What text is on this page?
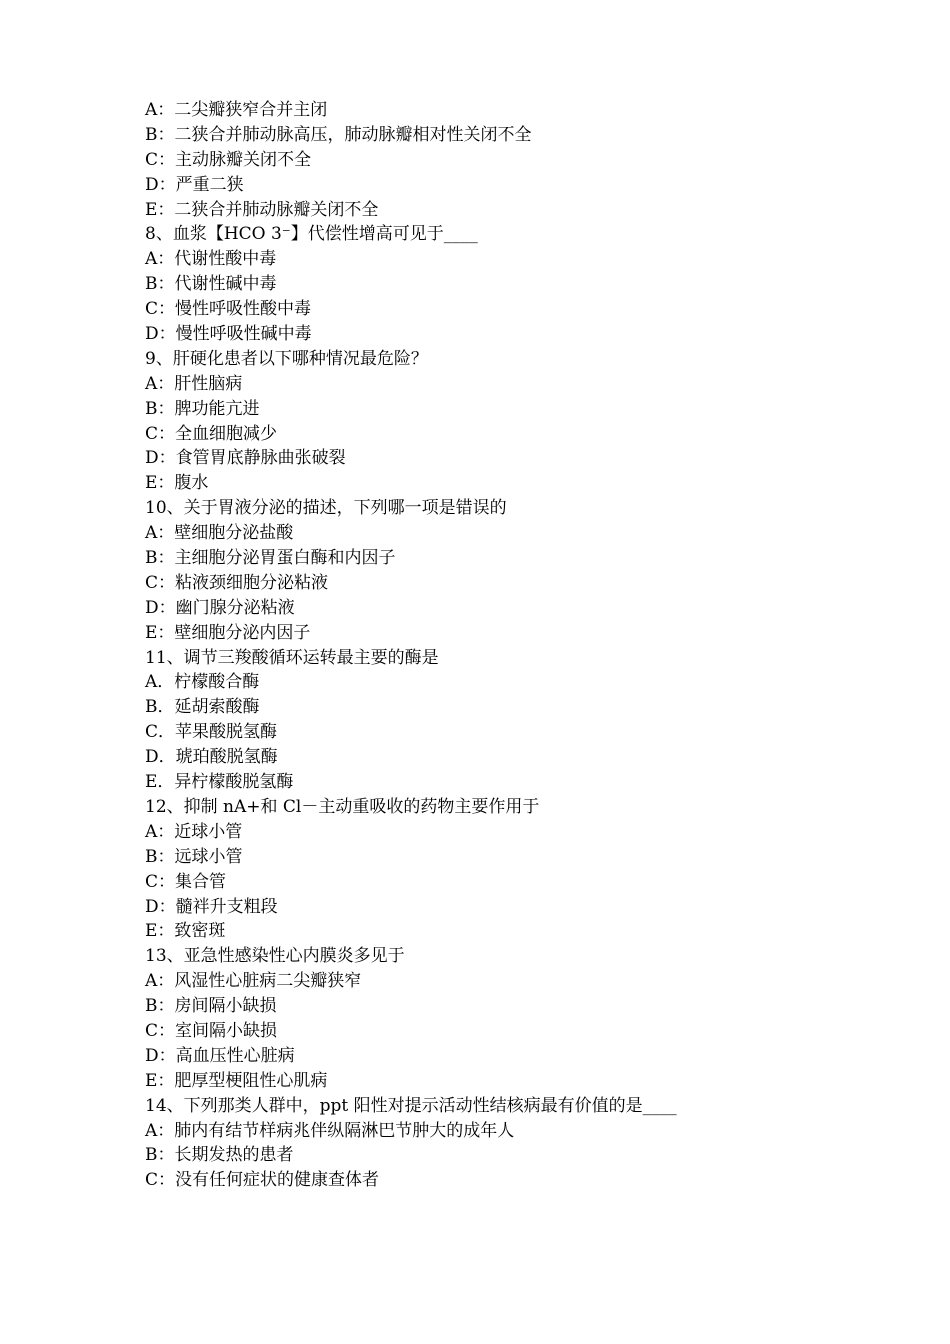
A：二尖瓣狭窄合并主闭
B：二狭合并肺动脉高压，肺动脉瓣相对性关闭不全
C：主动脉瓣关闭不全
D：严重二狭
E：二狭合并肺动脉瓣关闭不全
8、血浆【HCO 3⁻】代偿性增高可见于____
A：代谢性酸中毒
B：代谢性碱中毒
C：慢性呼吸性酸中毒
D：慢性呼吸性碱中毒
9、肝硬化患者以下哪种情况最危险？
A：肝性脑病
B：脾功能亢进
C：全血细胞减少
D：食管胃底静脉曲张破裂
E：腹水
10、关于胃液分泌的描述，下列哪一项是错误的
A：壁细胞分泌盐酸
B：主细胞分泌胃蛋白酶和内因子
C：粘液颈细胞分泌粘液
D：幽门腺分泌粘液
E：壁细胞分泌内因子
11、调节三羧酸循环运转最主要的酶是
A．柠檬酸合酶
B．延胡索酸酶
C．苹果酸脱氢酶
D．琥珀酸脱氢酶
E．异柠檬酸脱氢酶
12、抑制 nA+和 Cl－主动重吸收的药物主要作用于
A：近球小管
B：远球小管
C：集合管
D：髓袢升支粗段
E：致密斑
13、亚急性感染性心内膜炎多见于
A：风湿性心脏病二尖瓣狭窄
B：房间隔小缺损
C：室间隔小缺损
D：高血压性心脏病
E：肥厚型梗阻性心肌病
14、下列那类人群中，ppt 阳性对提示活动性结核病最有价值的是____
A：肺内有结节样病兆伴纵隔淋巴节肿大的成年人
B：长期发热的患者
C：没有任何症状的健康查体者
